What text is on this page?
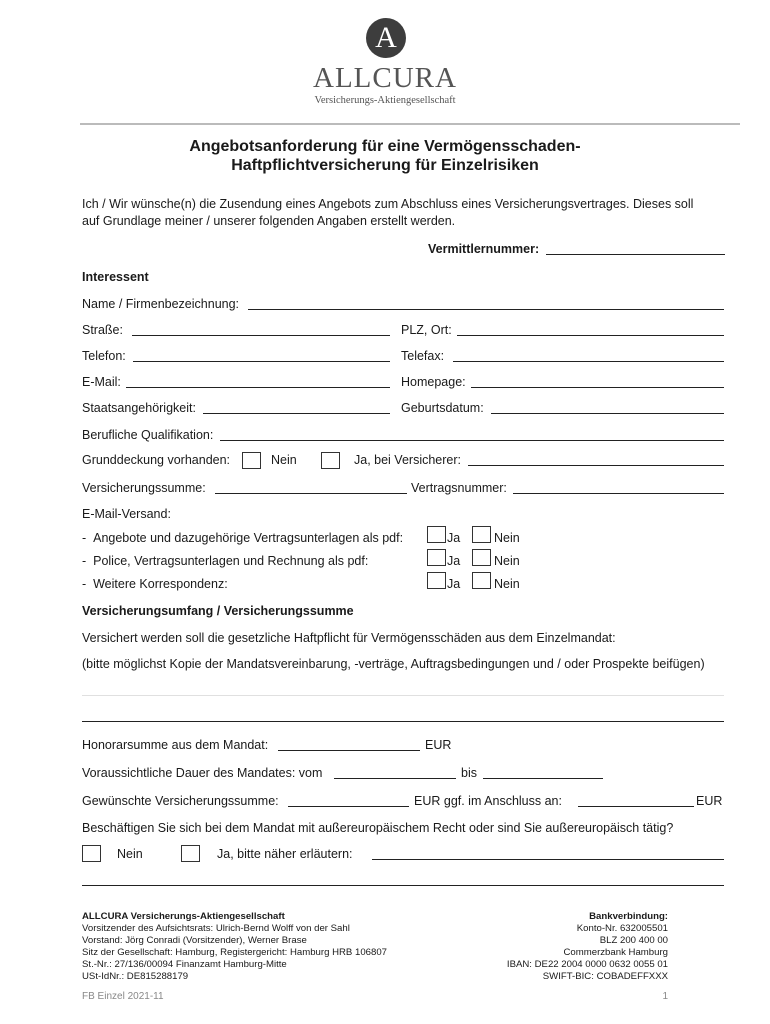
A
ALLCURA
Versicherungs-Aktiengesellschaft
Angebotsanforderung für eine Vermögensschaden-
Haftpflichtversicherung für Einzelrisiken
Ich / Wir wünsche(n) die Zusendung eines Angebots zum Abschluss eines Versicherungsvertrages. Dieses soll
auf Grundlage meiner / unserer folgenden Angaben erstellt werden.
Vermittlernummer:
Interessent
Name / Firmenbezeichnung:
Straße:	PLZ, Ort:
Telefon:	Telefax:
E-Mail:	Homepage:
Staatsangehörigkeit:	Geburtsdatum:
Berufliche Qualifikation:
Grunddeckung vorhanden:	Nein	Ja, bei Versicherer:
Versicherungssumme:	Vertragsnummer:
E-Mail-Versand:
-  Angebote und dazugehörige Vertragsunterlagen als pdf:	Ja	Nein
-  Police, Vertragsunterlagen und Rechnung als pdf:	Ja	Nein
-  Weitere Korrespondenz:	Ja	Nein
Versicherungsumfang / Versicherungssumme
Versichert werden soll die gesetzliche Haftpflicht für Vermögensschäden aus dem Einzelmandat:
(bitte möglichst Kopie der Mandatsvereinbarung, -verträge, Auftragsbedingungen und / oder Prospekte beifügen)
Honorarsumme aus dem Mandat:	EUR
Voraussichtliche Dauer des Mandates: vom	bis
Gewünschte Versicherungssumme:	EUR ggf. im Anschluss an:	EUR
Beschäftigen Sie sich bei dem Mandat mit außereuropäischem Recht oder sind Sie außereuropäisch tätig?
Nein	Ja, bitte näher erläutern:
ALLCURA Versicherungs-Aktiengesellschaft
Vorsitzender des Aufsichtsrats: Ulrich-Bernd Wolff von der Sahl
Vorstand: Jörg Conradi (Vorsitzender), Werner Brase
Sitz der Gesellschaft: Hamburg, Registergericht: Hamburg HRB 106807
St.-Nr.: 27/136/00094 Finanzamt Hamburg-Mitte
USt-IdNr.: DE815288179
Bankverbindung:
Konto-Nr. 632005501
BLZ 200 400 00
Commerzbank Hamburg
IBAN: DE22 2004 0000 0632 0055 01
SWIFT-BIC: COBADEFFXXX
FB Einzel 2021-11	1
